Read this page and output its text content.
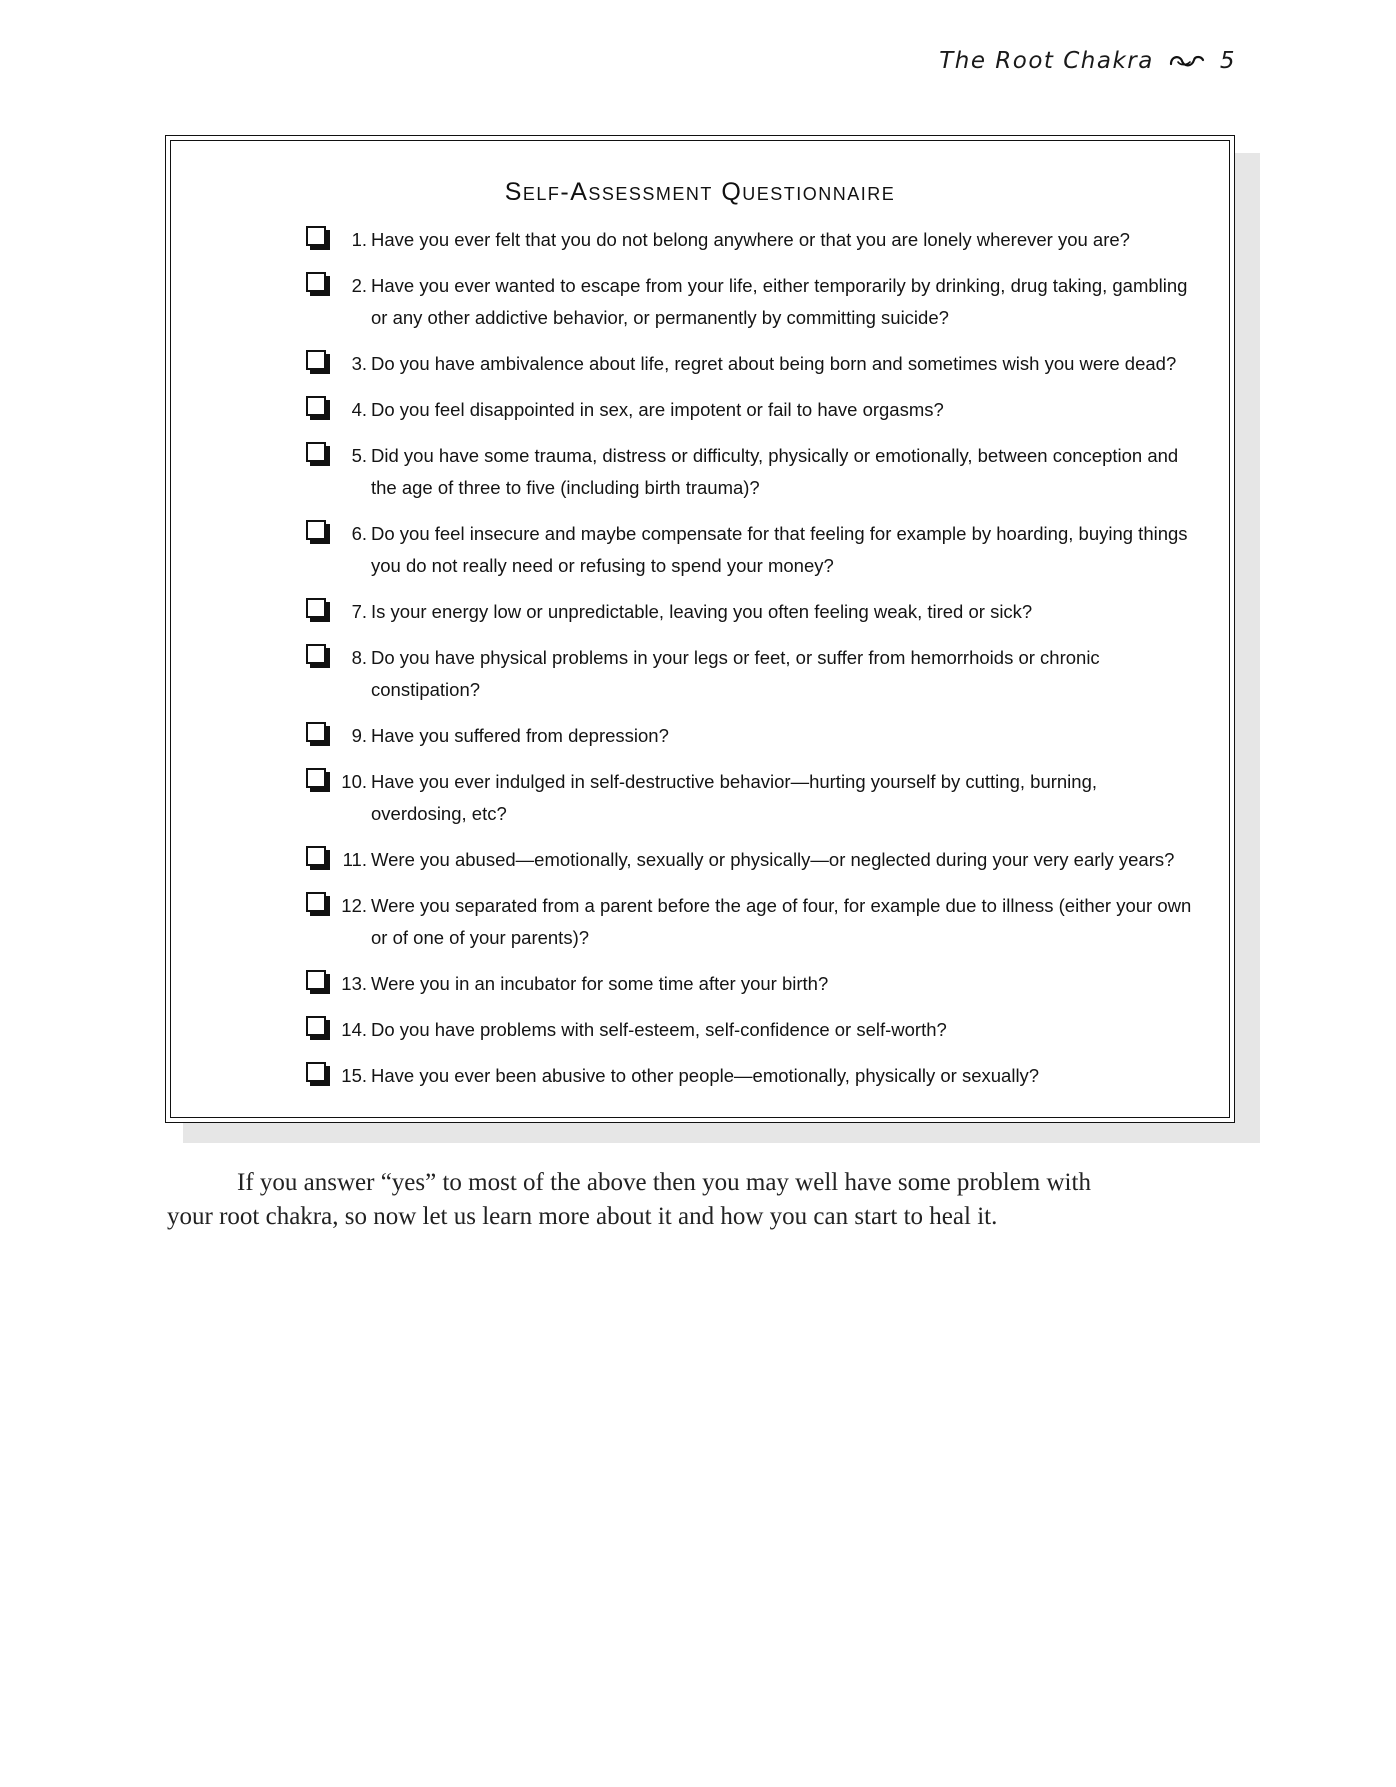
The Root Chakra	5
Self-Assessment Questionnaire
1. Have you ever felt that you do not belong anywhere or that you are lonely wherever you are?
2. Have you ever wanted to escape from your life, either temporarily by drinking, drug taking, gambling or any other addictive behavior, or permanently by committing suicide?
3. Do you have ambivalence about life, regret about being born and sometimes wish you were dead?
4. Do you feel disappointed in sex, are impotent or fail to have orgasms?
5. Did you have some trauma, distress or difficulty, physically or emotionally, between conception and the age of three to five (including birth trauma)?
6. Do you feel insecure and maybe compensate for that feeling for example by hoarding, buying things you do not really need or refusing to spend your money?
7. Is your energy low or unpredictable, leaving you often feeling weak, tired or sick?
8. Do you have physical problems in your legs or feet, or suffer from hemorrhoids or chronic constipation?
9. Have you suffered from depression?
10. Have you ever indulged in self-destructive behavior—hurting yourself by cutting, burning, overdosing, etc?
11. Were you abused—emotionally, sexually or physically—or neglected during your very early years?
12. Were you separated from a parent before the age of four, for example due to illness (either your own or of one of your parents)?
13. Were you in an incubator for some time after your birth?
14. Do you have problems with self-esteem, self-confidence or self-worth?
15. Have you ever been abusive to other people—emotionally, physically or sexually?

If you answer “yes” to most of the above then you may well have some problem with your root chakra, so now let us learn more about it and how you can start to heal it.
